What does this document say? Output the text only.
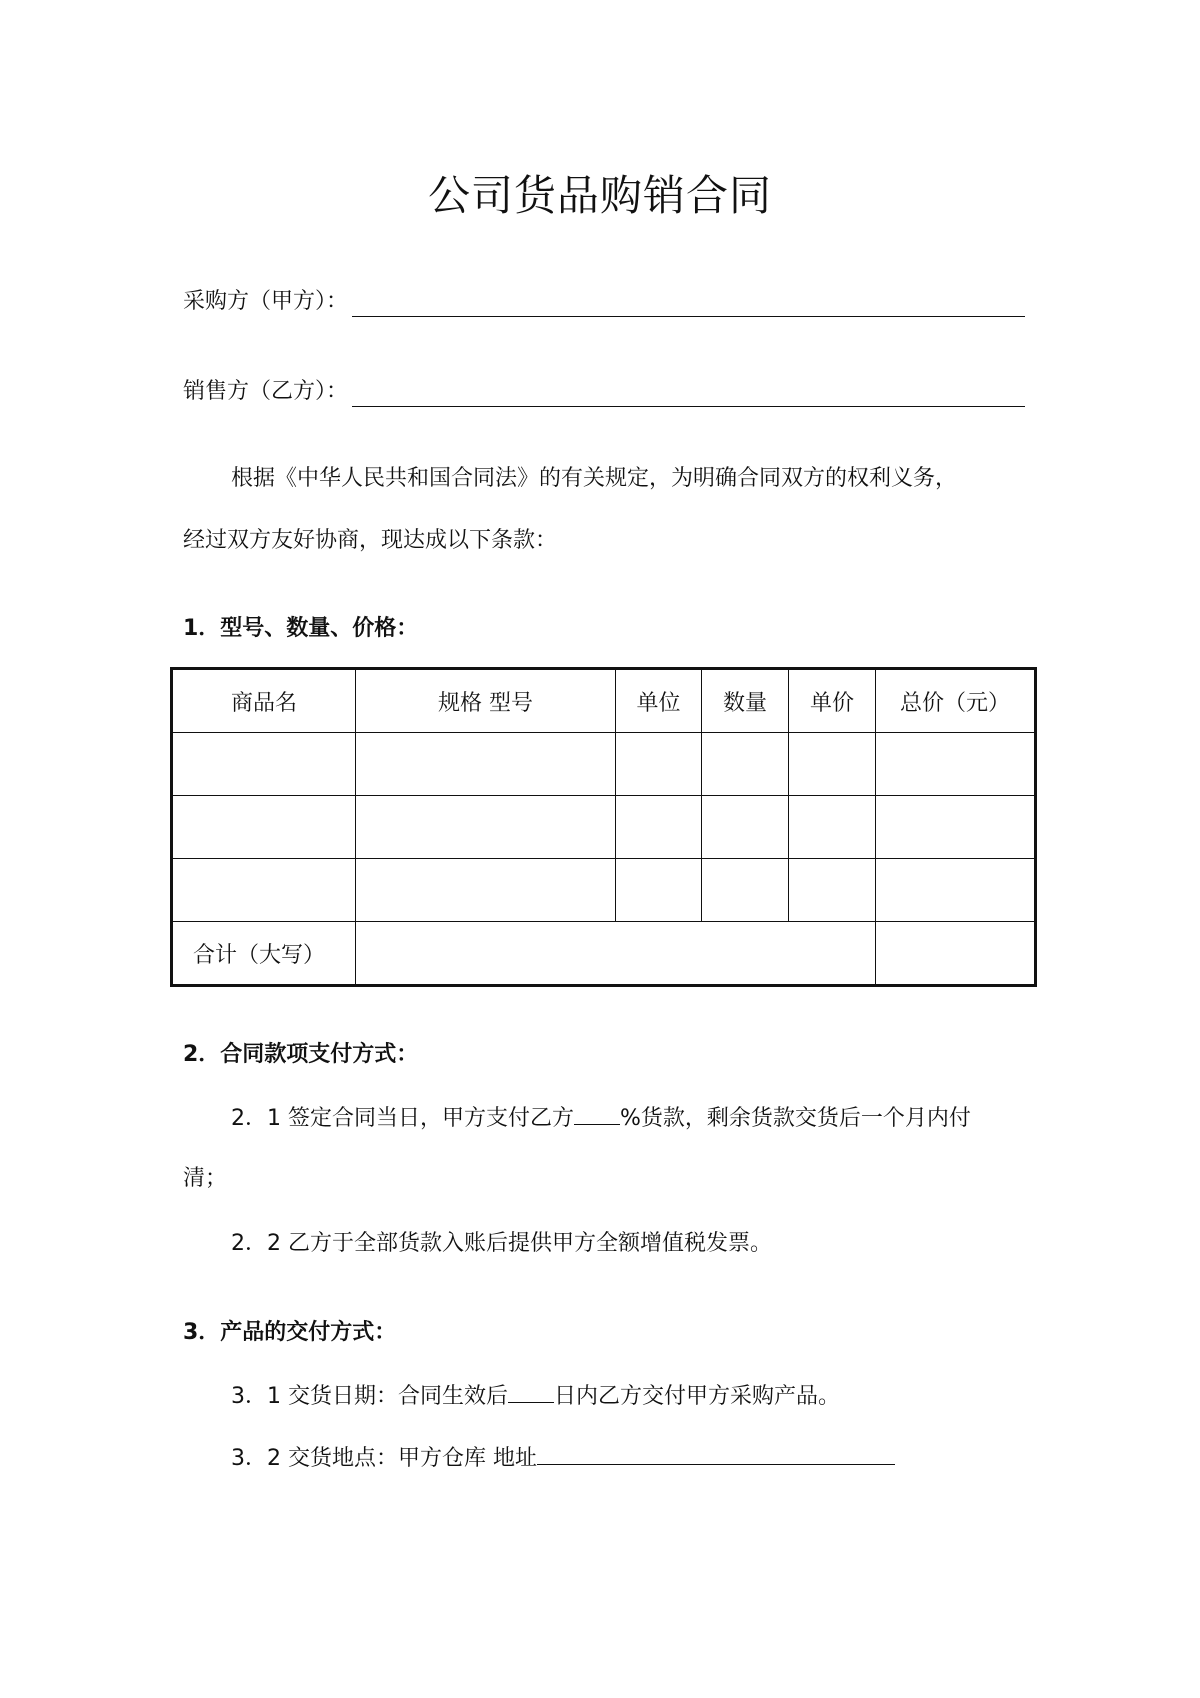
公司货品购销合同
采购方（甲方）：
销售方（乙方）：
根据《中华人民共和国合同法》的有关规定，为明确合同双方的权利义务，
经过双方友好协商，现达成以下条款：
1．型号、数量、价格：
商品名	规格 型号	单位	数量	单价	总价（元）

合计（大写）					
2．合同款项支付方式：
2．1 签定合同当日，甲方支付乙方 %货款，剩余货款交货后一个月内付
清；
2．2 乙方于全部货款入账后提供甲方全额增值税发票。
3．产品的交付方式：
3．1 交货日期：合同生效后 日内乙方交付甲方采购产品。
3．2 交货地点：甲方仓库 地址
